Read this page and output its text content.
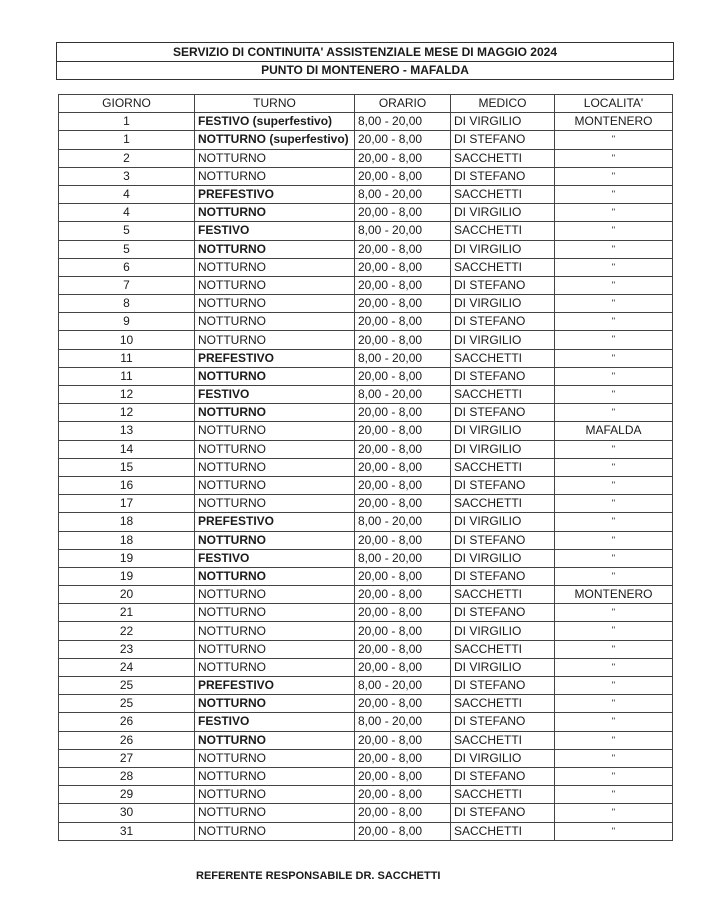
SERVIZIO DI CONTINUITA' ASSISTENZIALE MESE DI MAGGIO 2024
PUNTO DI MONTENERO - MAFALDA
GIORNO	TURNO	ORARIO	MEDICO	LOCALITA'
1	FESTIVO (superfestivo)	8,00 - 20,00	DI VIRGILIO	MONTENERO
1	NOTTURNO (superfestivo)	20,00 - 8,00	DI STEFANO	"
2	NOTTURNO	20,00 - 8,00	SACCHETTI	"
3	NOTTURNO	20,00 - 8,00	DI STEFANO	"
4	PREFESTIVO	8,00 - 20,00	SACCHETTI	"
4	NOTTURNO	20,00 - 8,00	DI VIRGILIO	"
5	FESTIVO	8,00 - 20,00	SACCHETTI	"
5	NOTTURNO	20,00 - 8,00	DI VIRGILIO	"
6	NOTTURNO	20,00 - 8,00	SACCHETTI	"
7	NOTTURNO	20,00 - 8,00	DI STEFANO	"
8	NOTTURNO	20,00 - 8,00	DI VIRGILIO	"
9	NOTTURNO	20,00 - 8,00	DI STEFANO	"
10	NOTTURNO	20,00 - 8,00	DI VIRGILIO	"
11	PREFESTIVO	8,00 - 20,00	SACCHETTI	"
11	NOTTURNO	20,00 - 8,00	DI STEFANO	"
12	FESTIVO	8,00 - 20,00	SACCHETTI	"
12	NOTTURNO	20,00 - 8,00	DI STEFANO	"
13	NOTTURNO	20,00 - 8,00	DI VIRGILIO	MAFALDA
14	NOTTURNO	20,00 - 8,00	DI VIRGILIO	"
15	NOTTURNO	20,00 - 8,00	SACCHETTI	"
16	NOTTURNO	20,00 - 8,00	DI STEFANO	"
17	NOTTURNO	20,00 - 8,00	SACCHETTI	"
18	PREFESTIVO	8,00 - 20,00	DI VIRGILIO	"
18	NOTTURNO	20,00 - 8,00	DI STEFANO	"
19	FESTIVO	8,00 - 20,00	DI VIRGILIO	"
19	NOTTURNO	20,00 - 8,00	DI STEFANO	"
20	NOTTURNO	20,00 - 8,00	SACCHETTI	MONTENERO
21	NOTTURNO	20,00 - 8,00	DI STEFANO	"
22	NOTTURNO	20,00 - 8,00	DI VIRGILIO	"
23	NOTTURNO	20,00 - 8,00	SACCHETTI	"
24	NOTTURNO	20,00 - 8,00	DI VIRGILIO	"
25	PREFESTIVO	8,00 - 20,00	DI STEFANO	"
25	NOTTURNO	20,00 - 8,00	SACCHETTI	"
26	FESTIVO	8,00 - 20,00	DI STEFANO	"
26	NOTTURNO	20,00 - 8,00	SACCHETTI	"
27	NOTTURNO	20,00 - 8,00	DI VIRGILIO	"
28	NOTTURNO	20,00 - 8,00	DI STEFANO	"
29	NOTTURNO	20,00 - 8,00	SACCHETTI	"
30	NOTTURNO	20,00 - 8,00	DI STEFANO	"
31	NOTTURNO	20,00 - 8,00	SACCHETTI	"
REFERENTE RESPONSABILE DR. SACCHETTI
